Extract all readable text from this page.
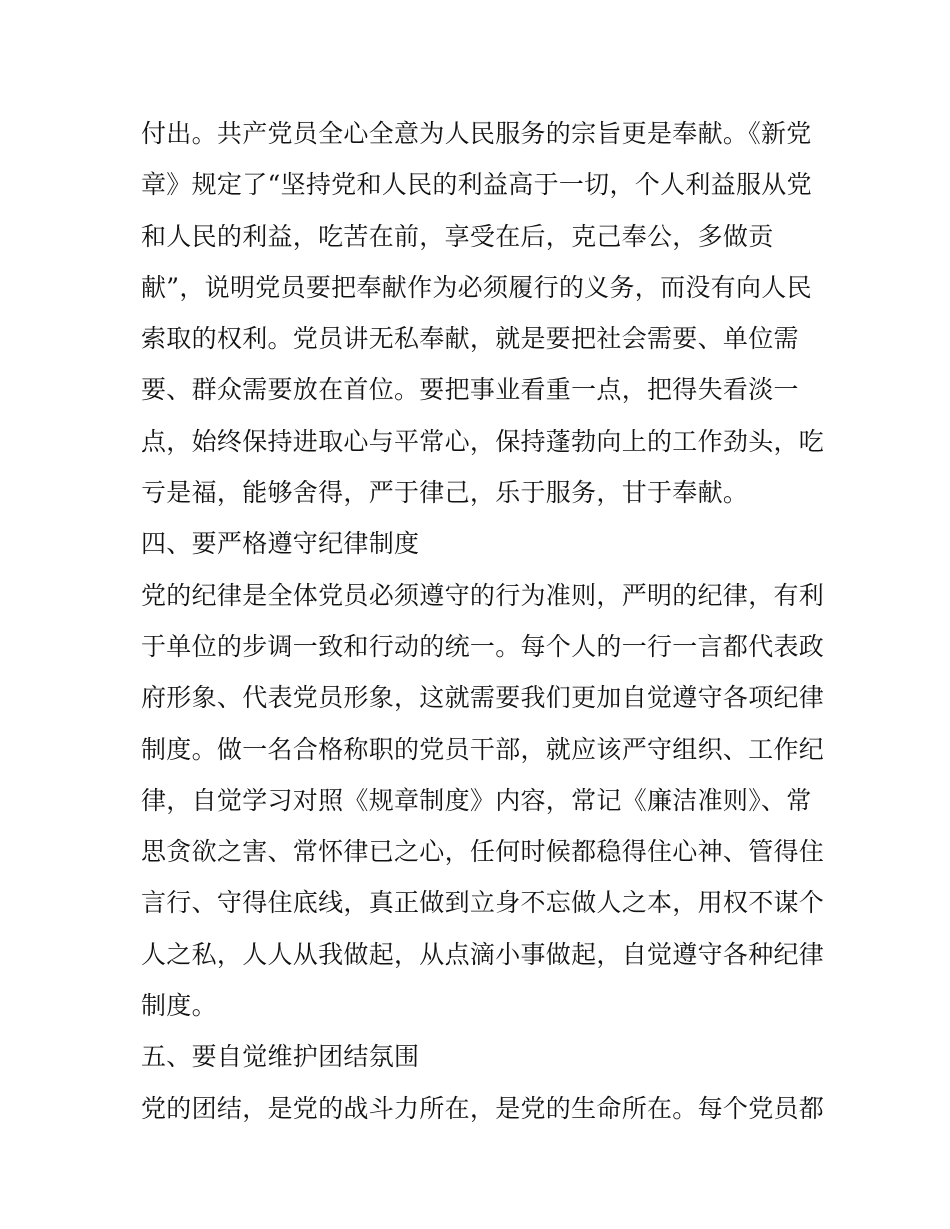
付出。共产党员全心全意为人民服务的宗旨更是奉献。《新党
章》规定了“坚持党和人民的利益高于一切，个人利益服从党
和人民的利益，吃苦在前，享受在后，克己奉公，多做贡
献”，说明党员要把奉献作为必须履行的义务，而没有向人民
索取的权利。党员讲无私奉献，就是要把社会需要、单位需
要、群众需要放在首位。要把事业看重一点，把得失看淡一
点，始终保持进取心与平常心，保持蓬勃向上的工作劲头，吃
亏是福，能够舍得，严于律己，乐于服务，甘于奉献。
四、要严格遵守纪律制度
党的纪律是全体党员必须遵守的行为准则，严明的纪律，有利
于单位的步调一致和行动的统一。每个人的一行一言都代表政
府形象、代表党员形象，这就需要我们更加自觉遵守各项纪律
制度。做一名合格称职的党员干部，就应该严守组织、工作纪
律，自觉学习对照《规章制度》内容，常记《廉洁准则》、常
思贪欲之害、常怀律已之心，任何时候都稳得住心神、管得住
言行、守得住底线，真正做到立身不忘做人之本，用权不谋个
人之私，人人从我做起，从点滴小事做起，自觉遵守各种纪律
制度。
五、要自觉维护团结氛围
党的团结，是党的战斗力所在，是党的生命所在。每个党员都
